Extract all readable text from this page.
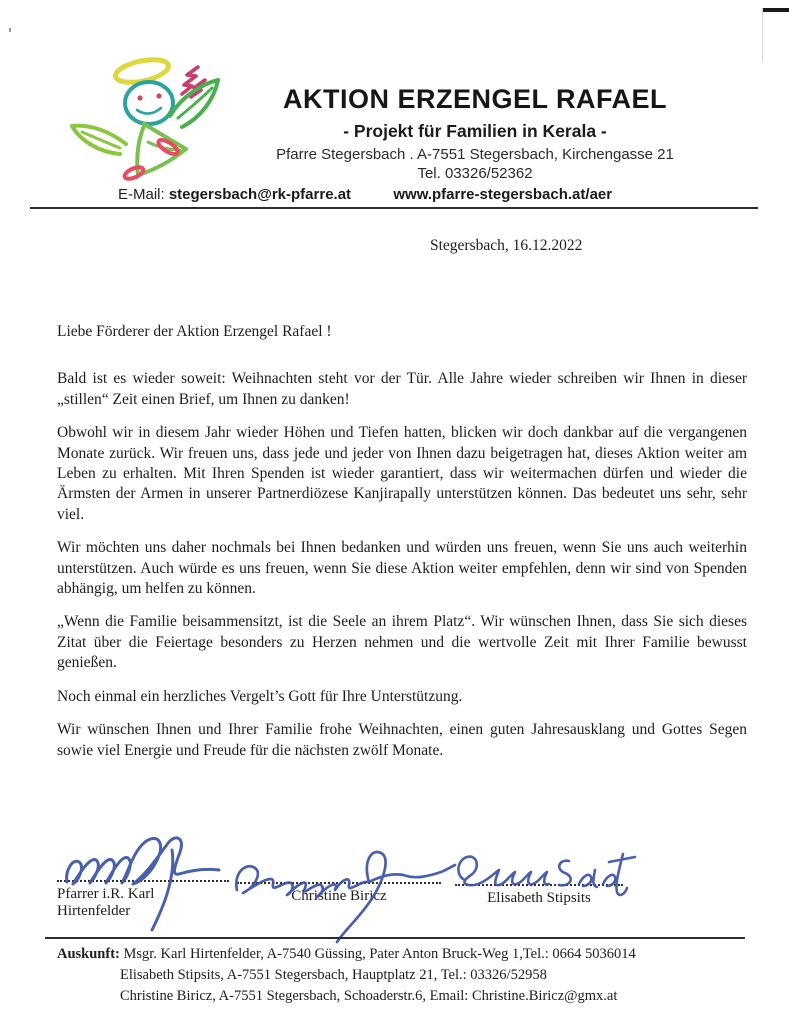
AKTION ERZENGEL RAFAEL
- Projekt für Familien in Kerala -
Pfarre Stegersbach . A-7551 Stegersbach, Kirchengasse 21
Tel. 03326/52362
E-Mail: stegersbach@rk-pfarre.at	www.pfarre-stegersbach.at/aer
Stegersbach, 16.12.2022
Liebe Förderer der Aktion Erzengel Rafael !

Bald ist es wieder soweit: Weihnachten steht vor der Tür. Alle Jahre wieder schreiben wir Ihnen in dieser „stillen“ Zeit einen Brief, um Ihnen zu danken!

Obwohl wir in diesem Jahr wieder Höhen und Tiefen hatten, blicken wir doch dankbar auf die vergangenen Monate zurück. Wir freuen uns, dass jede und jeder von Ihnen dazu beigetragen hat, dieses Aktion weiter am Leben zu erhalten. Mit Ihren Spenden ist wieder garantiert, dass wir weitermachen dürfen und wieder die Ärmsten der Armen in unserer Partnerdiözese Kanjirapally unterstützen können. Das bedeutet uns sehr, sehr viel.

Wir möchten uns daher nochmals bei Ihnen bedanken und würden uns freuen, wenn Sie uns auch weiterhin unterstützen. Auch würde es uns freuen, wenn Sie diese Aktion weiter empfehlen, denn wir sind von Spenden abhängig, um helfen zu können.

„Wenn die Familie beisammensitzt, ist die Seele an ihrem Platz“. Wir wünschen Ihnen, dass Sie sich dieses Zitat über die Feiertage besonders zu Herzen nehmen und die wertvolle Zeit mit Ihrer Familie bewusst genießen.

Noch einmal ein herzliches Vergelt’s Gott für Ihre Unterstützung.

Wir wünschen Ihnen und Ihrer Familie frohe Weihnachten, einen guten Jahresausklang und Gottes Segen sowie viel Energie und Freude für die nächsten zwölf Monate.

Pfarrer i.R. Karl Hirtenfelder
Christine Biricz	Elisabeth Stipsits
Auskunft: Msgr. Karl Hirtenfelder, A-7540 Güssing, Pater Anton Bruck-Weg 1,Tel.: 0664 5036014
Elisabeth Stipsits, A-7551 Stegersbach, Hauptplatz 21, Tel.: 03326/52958
Christine Biricz, A-7551 Stegersbach, Schoaderstr.6, Email: Christine.Biricz@gmx.at
